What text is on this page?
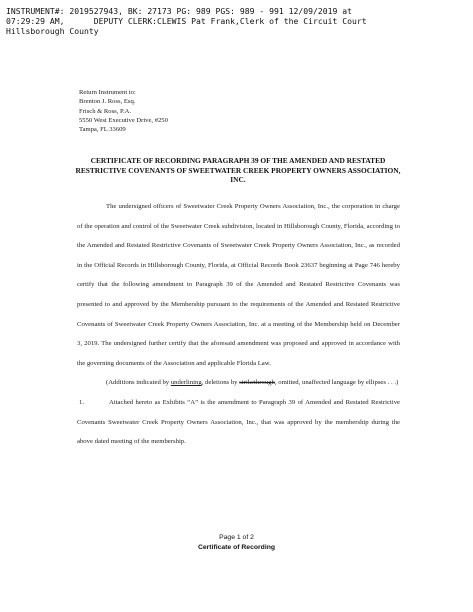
INSTRUMENT#: 2019527943, BK: 27173 PG: 989 PGS: 989 - 991 12/09/2019 at
07:29:29 AM,      DEPUTY CLERK:CLEWIS Pat Frank,Clerk of the Circuit Court
Hillsborough County
Return Instrument to:
Brenton J. Ross, Esq.
Frisch & Ross, P.A.
5550 West Executive Drive, #250
Tampa, FL 33609
CERTIFICATE OF RECORDING PARAGRAPH 39 OF THE AMENDED AND RESTATED RESTRICTIVE COVENANTS OF SWEETWATER CREEK PROPERTY OWNERS ASSOCIATION, INC.

The undersigned officers of Sweetwater Creek Property Owners Association, Inc., the corporation in charge of the operation and control of the Sweetwater Creek subdivision, located in Hillsborough County, Florida, according to the Amended and Restated Restrictive Covenants of Sweetwater Creek Property Owners Association, Inc., as recorded in the Official Records in Hillsborough County, Florida, at Official Records Book 23637 beginning at Page 746 hereby certify that the following amendment to Paragraph 39 of the Amended and Restated Restrictive Covenants was presented to and approved by the Membership pursuant to the requirements of the Amended and Restated Restrictive Covenants of Sweetwater Creek Property Owners Association, Inc. at a meeting of the Membership held on December 3, 2019. The undersigned further certify that the aforesaid amendment was proposed and approved in accordance with the governing documents of the Association and applicable Florida Law.

(Additions indicated by underlining, deletions by strikethrough, omitted, unaffected language by ellipses . . .)

1.	Attached hereto as Exhibits “A” is the amendment to Paragraph 39 of Amended and Restated Restrictive Covenants Sweetwater Creek Property Owners Association, Inc., that was approved by the membership during the above dated meeting of the membership.

Page 1 of 2
Certificate of Recording
